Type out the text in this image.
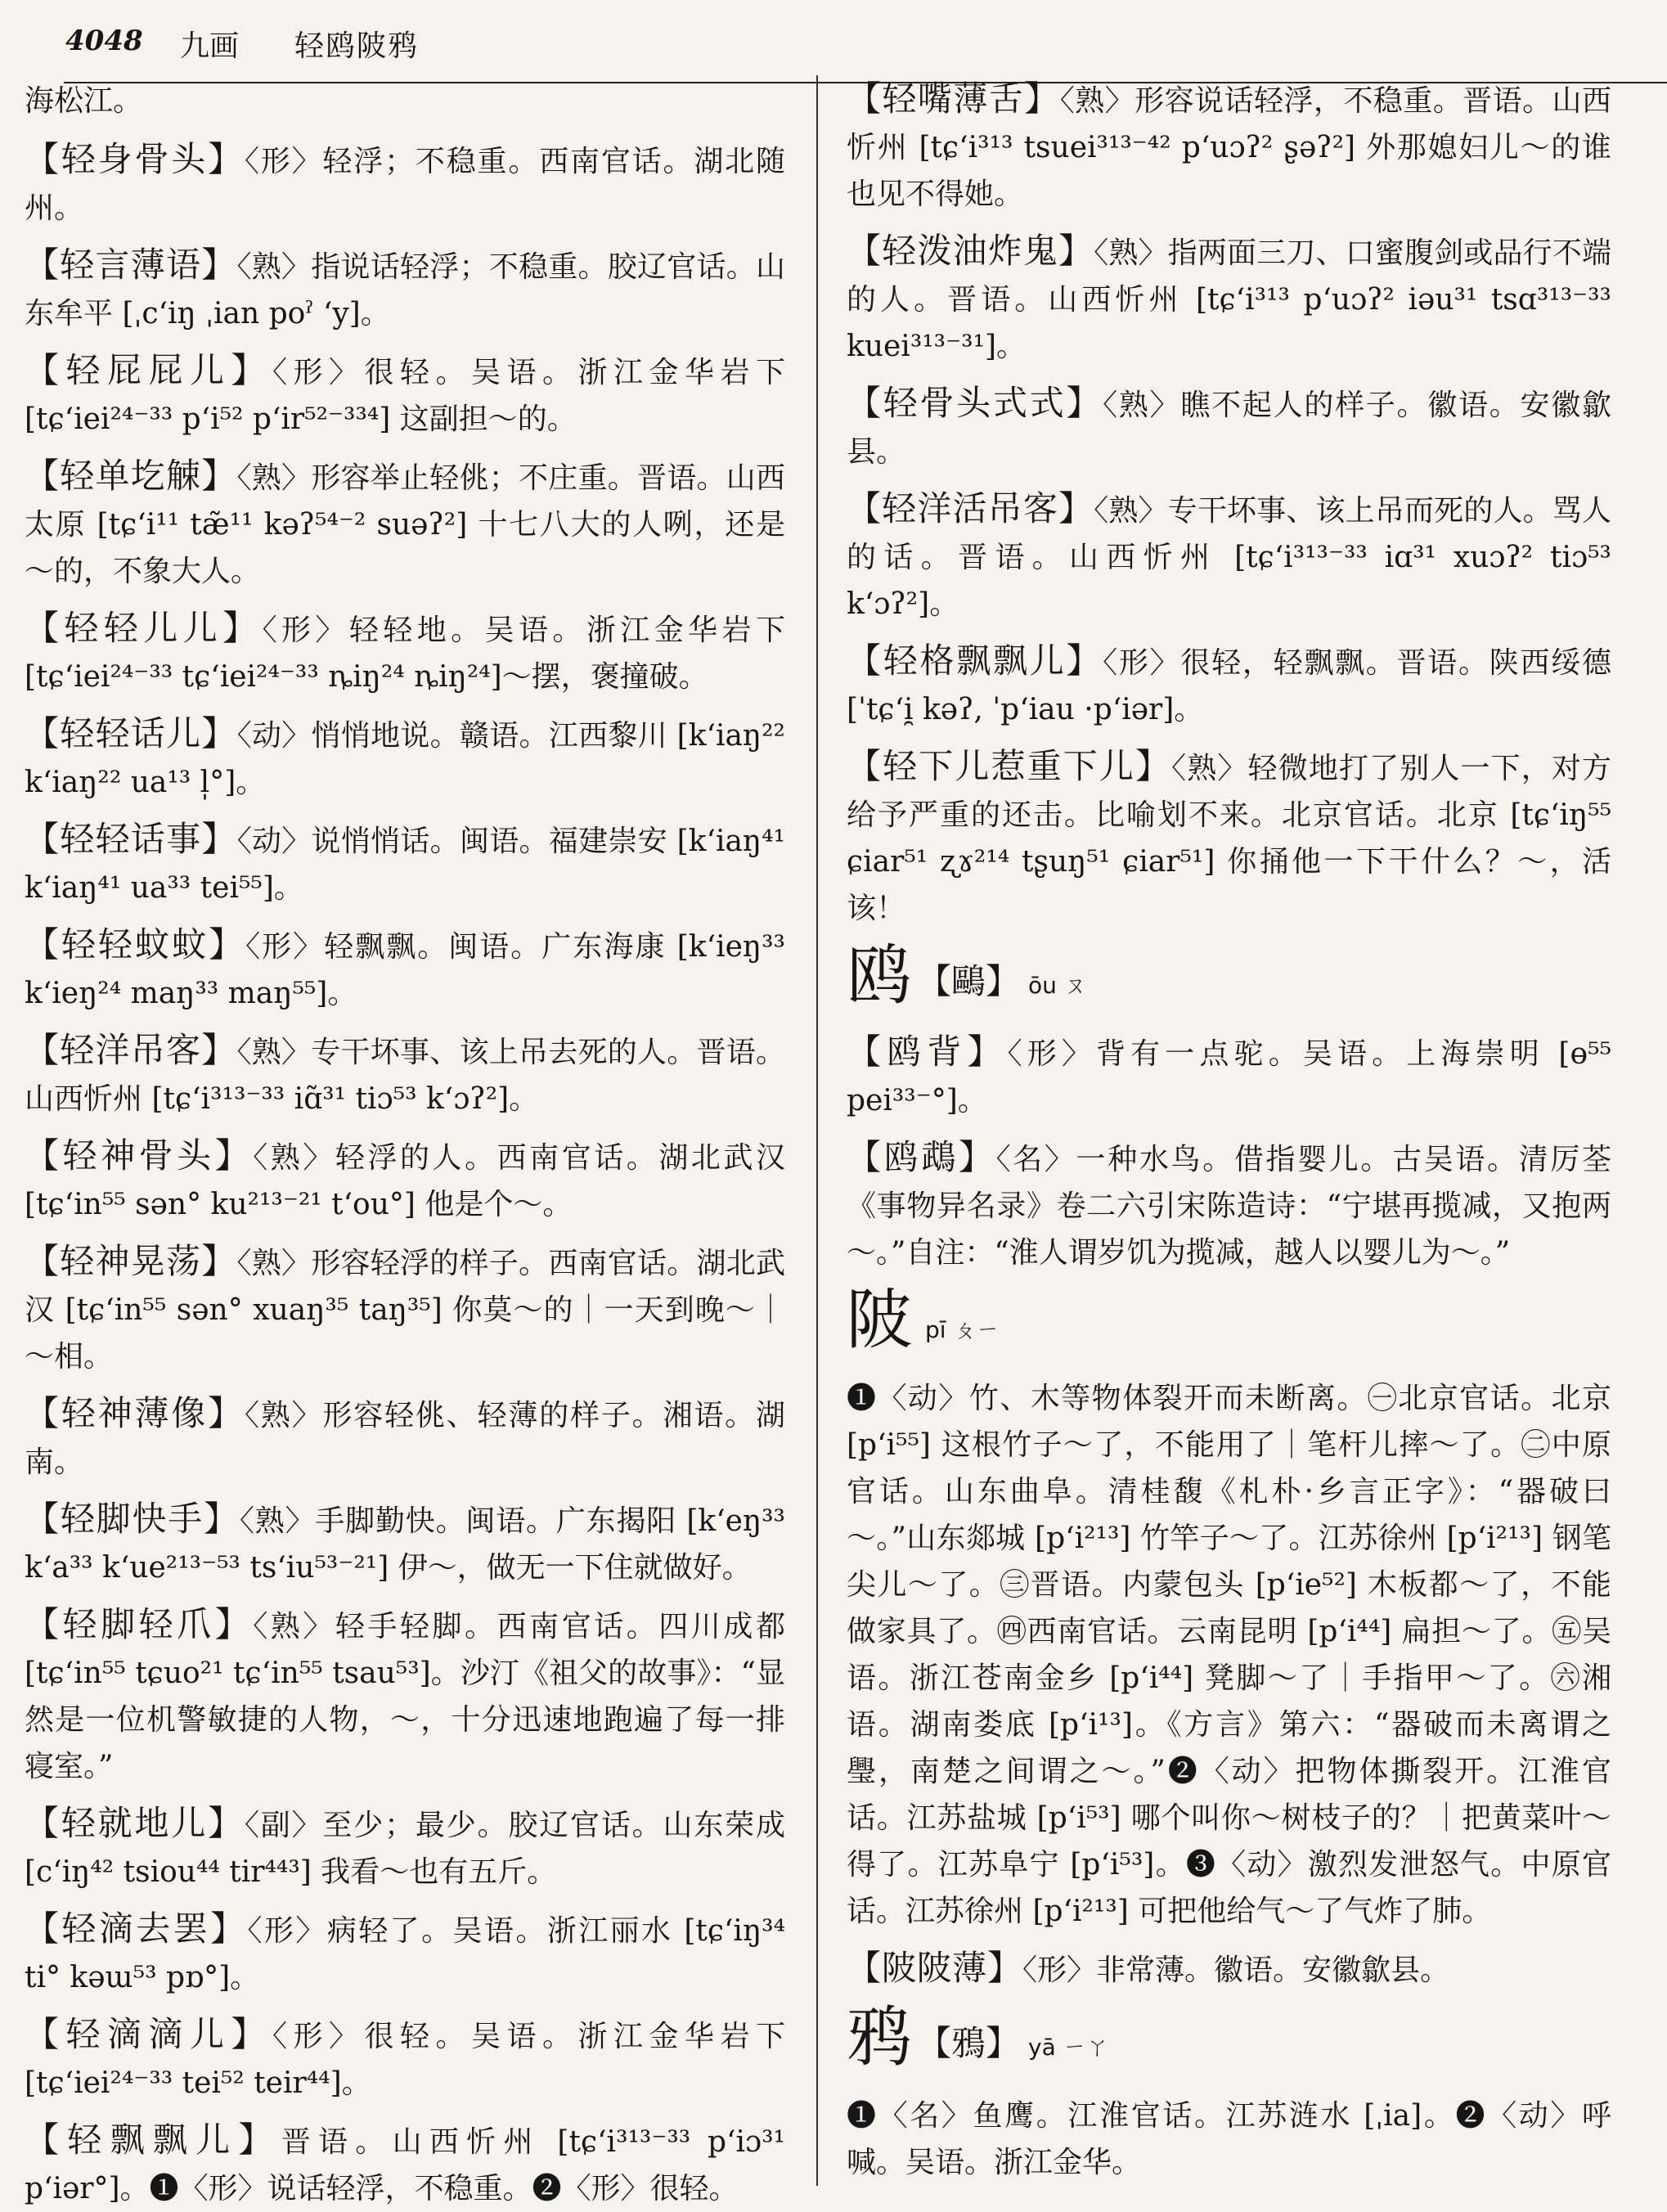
4048 九画 轻鸥陂鸦

海松江。

【轻身骨头】〈形〉轻浮；不稳重。西南官话。湖北随州。

【轻言薄语】〈熟〉指说话轻浮；不稳重。胶辽官话。山东牟平 [ˌcʻiŋ ˌian poˀ ʻy]。

【轻屁屁儿】〈形〉很轻。吴语。浙江金华岩下 [tɕʻiei²⁴⁻³³ pʻi⁵² pʻir⁵²⁻³³⁴] 这副担～的。

【轻单圪觫】〈熟〉形容举止轻佻；不庄重。晋语。山西太原 [tɕʻi¹¹ tæ̃¹¹ kəʔ⁵⁴⁻² suəʔ²] 十七八大的人咧，还是～的，不象大人。

【轻轻儿儿】〈形〉轻轻地。吴语。浙江金华岩下 [tɕʻiei²⁴⁻³³ tɕʻiei²⁴⁻³³ ȵiŋ²⁴ ȵiŋ²⁴]～摆，褒撞破。

【轻轻话儿】〈动〉悄悄地说。赣语。江西黎川 [kʻiaŋ²² kʻiaŋ²² ua¹³ l̩°]。

【轻轻话事】〈动〉说悄悄话。闽语。福建崇安 [kʻiaŋ⁴¹ kʻiaŋ⁴¹ ua³³ tei⁵⁵]。

【轻轻蚊蚊】〈形〉轻飘飘。闽语。广东海康 [kʻieŋ³³ kʻieŋ²⁴ maŋ³³ maŋ⁵⁵]。

【轻洋吊客】〈熟〉专干坏事、该上吊去死的人。晋语。山西忻州 [tɕʻi³¹³⁻³³ iɑ̃³¹ tiɔ⁵³ kʻɔʔ²]。

【轻神骨头】〈熟〉轻浮的人。西南官话。湖北武汉 [tɕʻin⁵⁵ sən° ku²¹³⁻²¹ tʻou°] 他是个～。

【轻神晃荡】〈熟〉形容轻浮的样子。西南官话。湖北武汉 [tɕʻin⁵⁵ sən° xuaŋ³⁵ taŋ³⁵] 你莫～的｜一天到晚～｜～相。

【轻神薄像】〈熟〉形容轻佻、轻薄的样子。湘语。湖南。

【轻脚快手】〈熟〉手脚勤快。闽语。广东揭阳 [kʻeŋ³³ kʻa³³ kʻue²¹³⁻⁵³ tsʻiu⁵³⁻²¹] 伊～，做无一下住就做好。

【轻脚轻爪】〈熟〉轻手轻脚。西南官话。四川成都 [tɕʻin⁵⁵ tɕuo²¹ tɕʻin⁵⁵ tsau⁵³]。沙汀《祖父的故事》：“显然是一位机警敏捷的人物，～，十分迅速地跑遍了每一排寝室。”

【轻就地儿】〈副〉至少；最少。胶辽官话。山东荣成 [cʻiŋ⁴² tsiou⁴⁴ tir⁴⁴³] 我看～也有五斤。

【轻滴去罢】〈形〉病轻了。吴语。浙江丽水 [tɕʻiŋ³⁴ ti° kəɯ⁵³ pɒ°]。

【轻滴滴儿】〈形〉很轻。吴语。浙江金华岩下 [tɕʻiei²⁴⁻³³ tei⁵² teir⁴⁴]。

【轻飘飘儿】晋语。山西忻州 [tɕʻi³¹³⁻³³ pʻiɔ³¹ pʻiər°]。❶〈形〉说话轻浮，不稳重。❷〈形〉很轻。

【轻嘴薄舌】〈熟〉形容说话轻浮，不稳重。晋语。山西忻州 [tɕʻi³¹³ tsuei³¹³⁻⁴² pʻuɔʔ² ʂəʔ²] 外那媳妇儿～的谁也见不得她。

【轻泼油炸鬼】〈熟〉指两面三刀、口蜜腹剑或品行不端的人。晋语。山西忻州 [tɕʻi³¹³ pʻuɔʔ² iəu³¹ tsɑ³¹³⁻³³ kuei³¹³⁻³¹]。

【轻骨头式式】〈熟〉瞧不起人的样子。徽语。安徽歙县。

【轻洋活吊客】〈熟〉专干坏事、该上吊而死的人。骂人的话。晋语。山西忻州 [tɕʻi³¹³⁻³³ iɑ³¹ xuɔʔ² tiɔ⁵³ kʻɔʔ²]。

【轻格飘飘儿】〈形〉很轻，轻飘飘。晋语。陕西绥德 [ˈtɕʻi̯ kəʔ, ˈpʻiau ·pʻiər]。

【轻下儿惹重下儿】〈熟〉轻微地打了别人一下，对方给予严重的还击。比喻划不来。北京官话。北京 [tɕʻiŋ⁵⁵ ɕiar⁵¹ ʐɤ²¹⁴ tʂuŋ⁵¹ ɕiar⁵¹] 你捅他一下干什么？～，活该！

鸥 【鷗】 ōu ㄡ

【鸥背】〈形〉背有一点驼。吴语。上海崇明 [ɵ⁵⁵ pei³³⁻°]。

【鸥鵡】〈名〉一种水鸟。借指婴儿。古吴语。清厉荃《事物异名录》卷二六引宋陈造诗：“宁堪再揽减，又抱两～。”自注：“淮人谓岁饥为揽减，越人以婴儿为～。”

陂pī ㄆㄧ

❶〈动〉竹、木等物体裂开而未断离。㊀北京官话。北京 [pʻi⁵⁵] 这根竹子～了，不能用了｜笔杆儿摔～了。㊁中原官话。山东曲阜。清桂馥《札朴·乡言正字》：“器破曰～。”山东郯城 [pʻi²¹³] 竹竿子～了。江苏徐州 [pʻi²¹³] 钢笔尖儿～了。㊂晋语。内蒙包头 [pʻie⁵²] 木板都～了，不能做家具了。㊃西南官话。云南昆明 [pʻi⁴⁴] 扁担～了。㊄吴语。浙江苍南金乡 [pʻi⁴⁴] 凳脚～了｜手指甲～了。㊅湘语。湖南娄底 [pʻi¹³]。《方言》第六：“器破而未离谓之璺，南楚之间谓之～。”❷〈动〉把物体撕裂开。江淮官话。江苏盐城 [pʻi⁵³] 哪个叫你～树枝子的？｜把黄菜叶～得了。江苏阜宁 [pʻi⁵³]。❸〈动〉激烈发泄怒气。中原官话。江苏徐州 [pʻi²¹³] 可把他给气～了气炸了肺。

【陂陂薄】〈形〉非常薄。徽语。安徽歙县。

鸦 【鴉】 yā ㄧㄚ

❶〈名〉鱼鹰。江淮官话。江苏涟水 [ˌia]。❷〈动〉呼喊。吴语。浙江金华。
